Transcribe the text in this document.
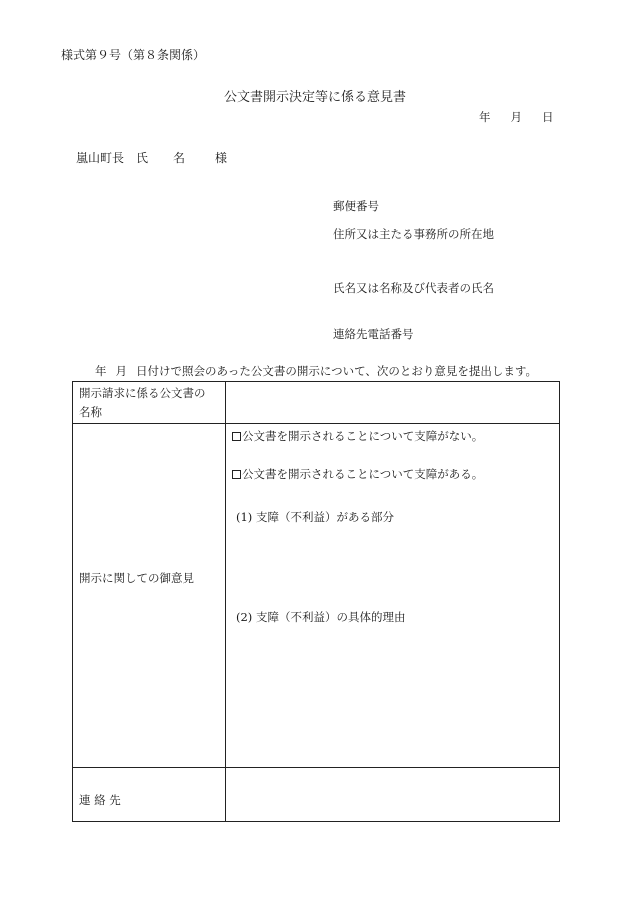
様式第９号（第８条関係）
公文書開示決定等に係る意見書
年 月 日
嵐山町長 氏 名	様
郵便番号
住所又は主たる事務所の所在地
氏名又は名称及び代表者の氏名
連絡先電話番号
年 月 日付けで照会のあった公文書の開示について、次のとおり意見を提出します。
開示請求に係る公文書の
名称
開示に関しての御意見
公文書を開示されることについて支障がない。
公文書を開示されることについて支障がある。
(1) 支障（不利益）がある部分
(2) 支障（不利益）の具体的理由
連 絡 先
